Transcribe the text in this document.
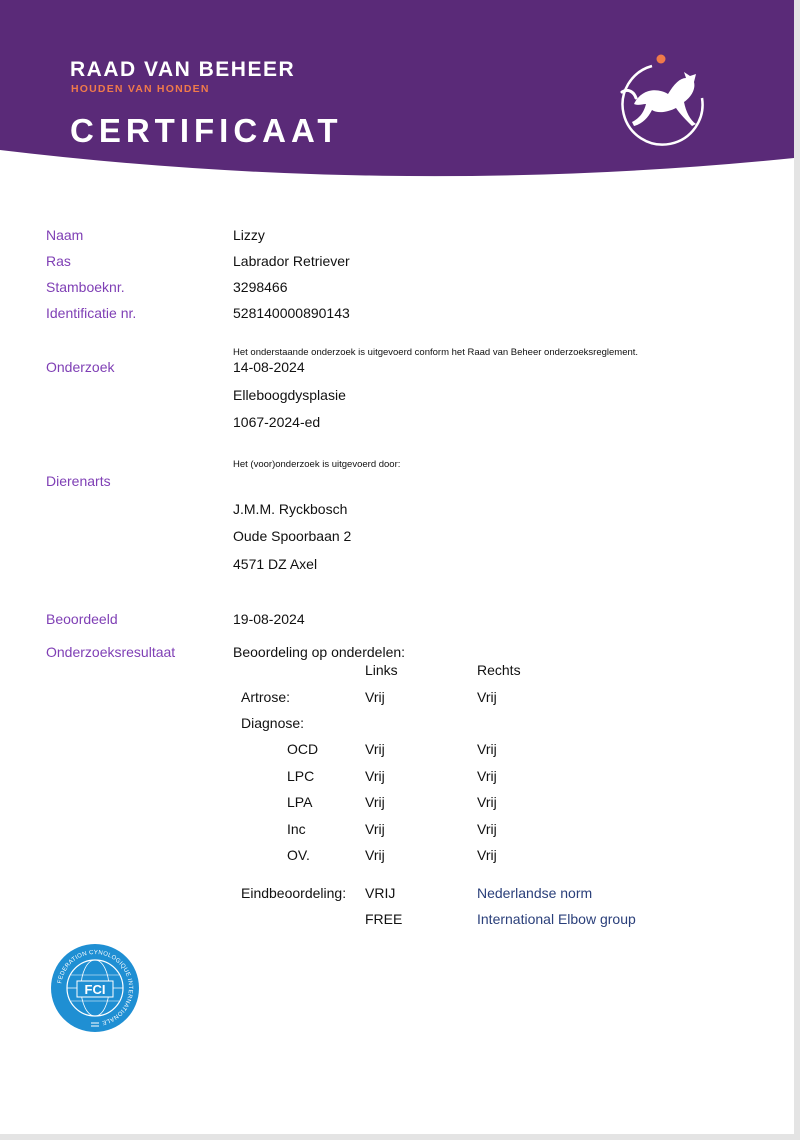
RAAD VAN BEHEER
HOUDEN VAN HONDEN
CERTIFICAAT
Naam	Lizzy
Ras	Labrador Retriever
Stamboeknr.	3298466
Identificatie nr.	528140000890143
Het onderstaande onderzoek is uitgevoerd conform het Raad van Beheer onderzoeksreglement.
Onderzoek	14-08-2024
Elleboogdysplasie
1067-2024-ed
Het (voor)onderzoek is uitgevoerd door:
Dierenarts
J.M.M. Ryckbosch
Oude Spoorbaan 2
4571 DZ Axel
Beoordeeld	19-08-2024
Onderzoeksresultaat	Beoordeling op onderdelen:
Links	Rechts
Artrose:	Vrij	Vrij
Diagnose:
OCD	Vrij	Vrij
LPC	Vrij	Vrij
LPA	Vrij	Vrij
Inc	Vrij	Vrij
OV.	Vrij	Vrij
Eindbeoordeling: VRIJ	Nederlandse norm
FREE	International Elbow group
FCI
FEDERATION CYNOLOGIQUE INTERNATIONALE
